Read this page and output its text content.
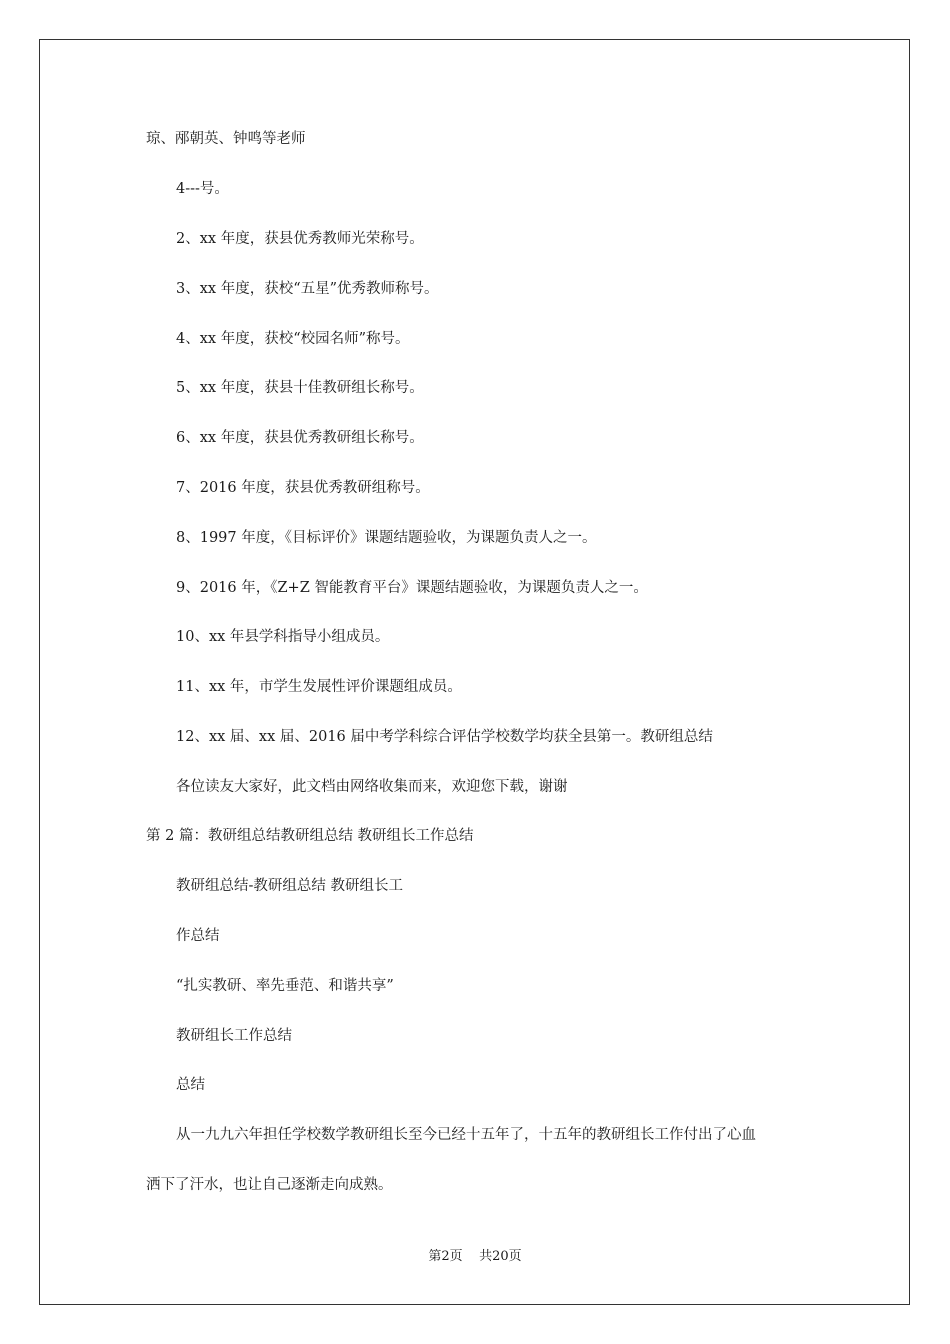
琼、邴朝英、钟鸣等老师
4---号。
2、xx 年度，获县优秀教师光荣称号。
3、xx 年度，获校“五星”优秀教师称号。
4、xx 年度，获校“校园名师”称号。
5、xx 年度，获县十佳教研组长称号。
6、xx 年度，获县优秀教研组长称号。
7、2016 年度，获县优秀教研组称号。
8、1997 年度，《目标评价》课题结题验收，为课题负责人之一。
9、2016 年，《Z+Z 智能教育平台》课题结题验收，为课题负责人之一。
10、xx 年县学科指导小组成员。
11、xx 年，市学生发展性评价课题组成员。
12、xx 届、xx 届、2016 届中考学科综合评估学校数学均获全县第一。教研组总结
各位读友大家好，此文档由网络收集而来，欢迎您下载，谢谢
第 2 篇：教研组总结教研组总结 教研组长工作总结
教研组总结-教研组总结 教研组长工
作总结
“扎实教研、率先垂范、和谐共享”
教研组长工作总结
总结
从一九九六年担任学校数学教研组长至今已经十五年了，十五年的教研组长工作付出了心血
洒下了汗水，也让自己逐渐走向成熟。
第2页 共20页
